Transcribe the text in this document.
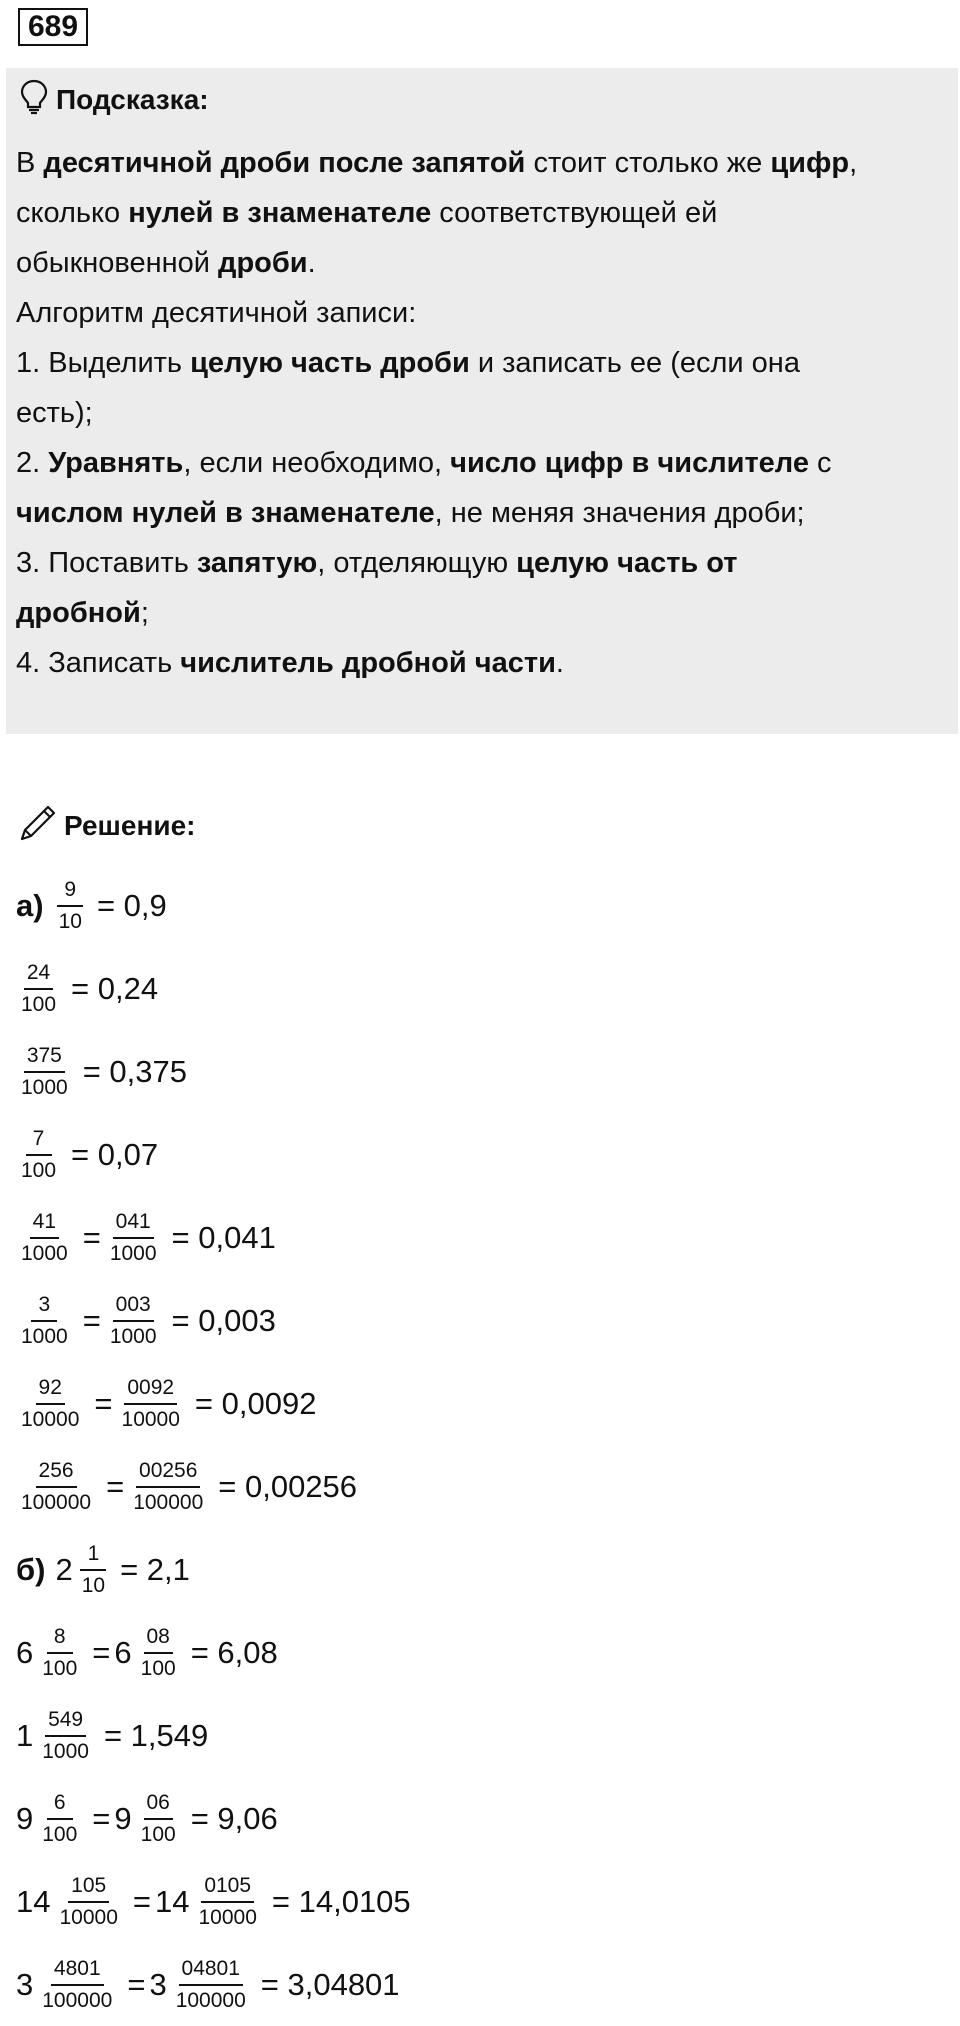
689
Подсказка:

В десятичной дроби после запятой стоит столько же цифр,

сколько нулей в знаменателе соответствующей ей

обыкновенной дроби.

Алгоритм десятичной записи:

1. Выделить целую часть дроби и записать ее (если она

есть);

2. Уравнять, если необходимо, число цифр в числителе с

числом нулей в знаменателе, не меняя значения дроби;

3. Поставить запятую, отделяющую целую часть от

дробной;

4. Записать числитель дробной части.

Решение:
$а) \frac{9}{10} = 0,9$
$\frac{24}{100} = 0,24$
$\frac{375}{1000} = 0,375$
$\frac{7}{100} = 0,07$
$\frac{41}{1000} = \frac{041}{1000} = 0,041$
$\frac{3}{1000} = \frac{003}{1000} = 0,003$
$\frac{92}{10000} = \frac{0092}{10000} = 0,0092$
$\frac{256}{100000} = \frac{00256}{100000} = 0,00256$
б) $2 \frac{1}{10} = 2,1$
$6 \frac{8}{100} = 6 \frac{08}{100} = 6,08$
$1 \frac{549}{1000} = 1,549$
$9 \frac{6}{100} = 9 \frac{06}{100} = 9,06$
$14 \frac{105}{10000} = 14 \frac{0105}{10000} = 14,0105$
$3 \frac{4801}{100000} = 3 \frac{04801}{100000} = 3,04801$
